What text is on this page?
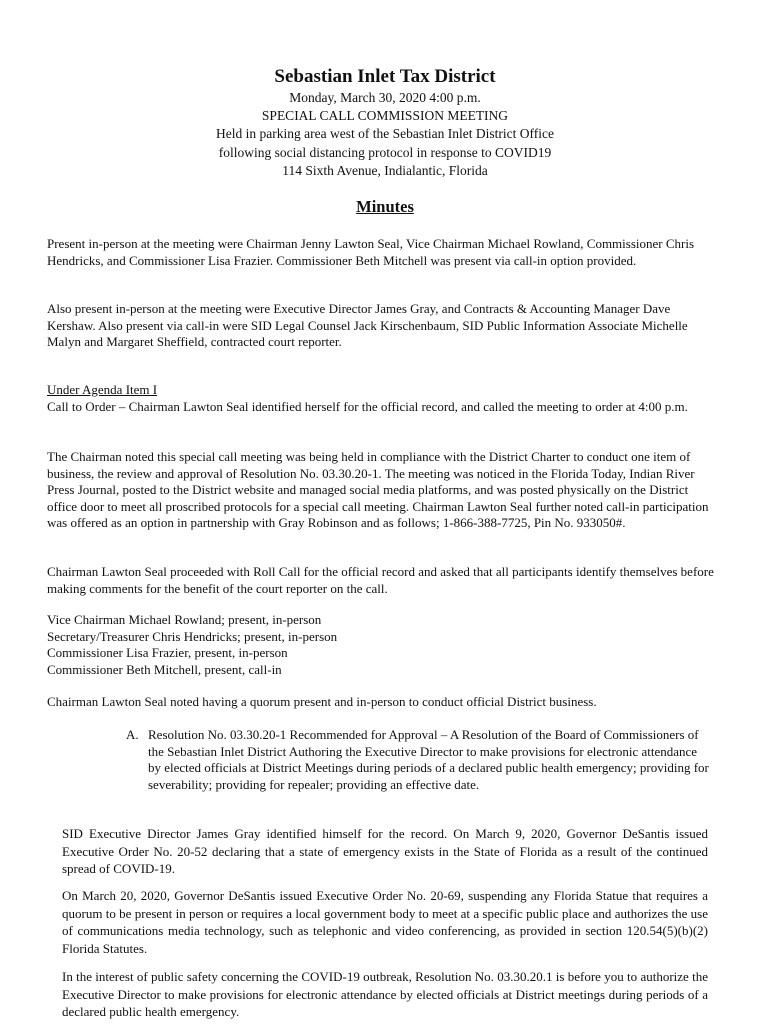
Sebastian Inlet Tax District

Monday, March 30, 2020 4:00 p.m.

SPECIAL CALL COMMISSION MEETING

Held in parking area west of the Sebastian Inlet District Office

following social distancing protocol in response to COVID19

114 Sixth Avenue, Indialantic, Florida

Minutes

Present in-person at the meeting were Chairman Jenny Lawton Seal, Vice Chairman Michael Rowland, Commissioner Chris Hendricks, and Commissioner Lisa Frazier. Commissioner Beth Mitchell was present via call-in option provided.

Also present in-person at the meeting were Executive Director James Gray, and Contracts & Accounting Manager Dave Kershaw. Also present via call-in were SID Legal Counsel Jack Kirschenbaum, SID Public Information Associate Michelle Malyn and Margaret Sheffield, contracted court reporter.

Under Agenda Item I

Call to Order – Chairman Lawton Seal identified herself for the official record, and called the meeting to order at 4:00 p.m.

The Chairman noted this special call meeting was being held in compliance with the District Charter to conduct one item of business, the review and approval of Resolution No. 03.30.20-1. The meeting was noticed in the Florida Today, Indian River Press Journal, posted to the District website and managed social media platforms, and was posted physically on the District office door to meet all proscribed protocols for a special call meeting. Chairman Lawton Seal further noted call-in participation was offered as an option in partnership with Gray Robinson and as follows; 1-866-388-7725, Pin No. 933050#.

Chairman Lawton Seal proceeded with Roll Call for the official record and asked that all participants identify themselves before making comments for the benefit of the court reporter on the call.

Vice Chairman Michael Rowland; present, in-person

Secretary/Treasurer Chris Hendricks; present, in-person

Commissioner Lisa Frazier, present, in-person

Commissioner Beth Mitchell, present, call-in

Chairman Lawton Seal noted having a quorum present and in-person to conduct official District business.

A. Resolution No. 03.30.20-1 Recommended for Approval – A Resolution of the Board of Commissioners of the Sebastian Inlet District Authoring the Executive Director to make provisions for electronic attendance by elected officials at District Meetings during periods of a declared public health emergency; providing for severability; providing for repealer; providing an effective date.

SID Executive Director James Gray identified himself for the record. On March 9, 2020, Governor DeSantis issued Executive Order No. 20-52 declaring that a state of emergency exists in the State of Florida as a result of the continued spread of COVID-19.

On March 20, 2020, Governor DeSantis issued Executive Order No. 20-69, suspending any Florida Statue that requires a quorum to be present in person or requires a local government body to meet at a specific public place and authorizes the use of communications media technology, such as telephonic and video conferencing, as provided in section 120.54(5)(b)(2) Florida Statutes.

In the interest of public safety concerning the COVID-19 outbreak, Resolution No. 03.30.20.1 is before you to authorize the Executive Director to make provisions for electronic attendance by elected officials at District meetings during periods of a declared public health emergency.
